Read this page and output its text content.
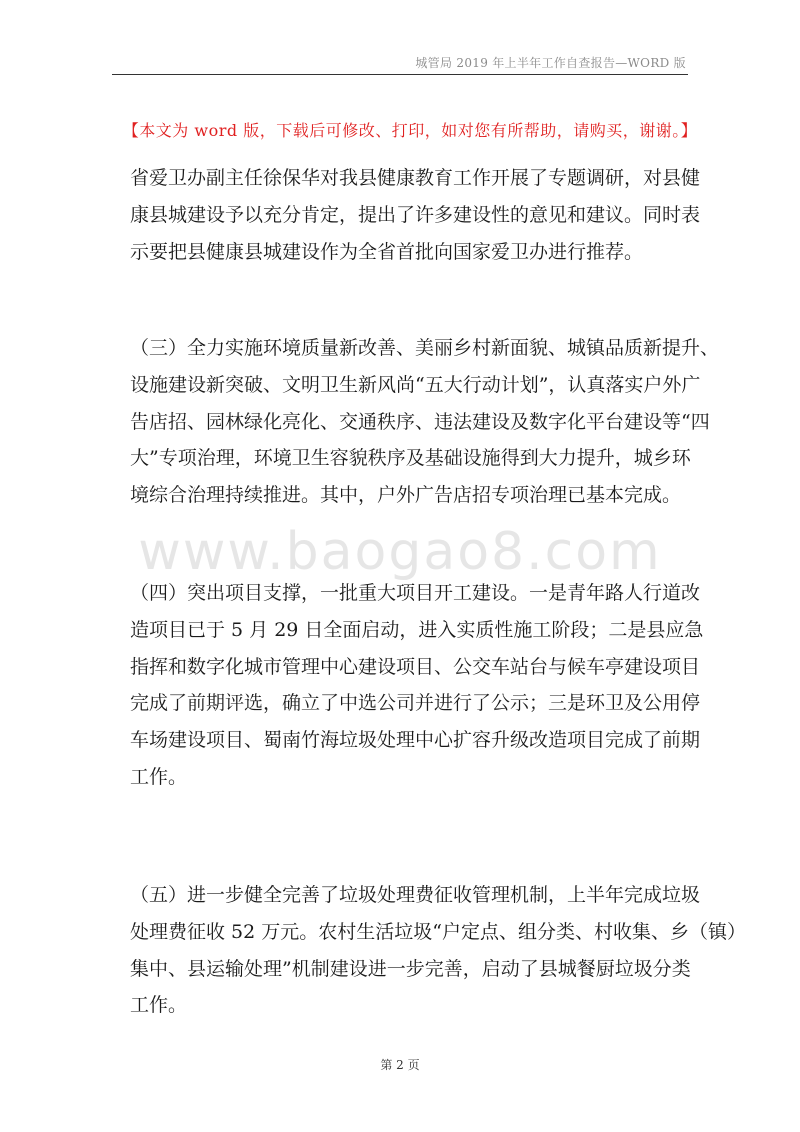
城管局 2019 年上半年工作自查报告—WORD 版
【本文为 word 版，下载后可修改、打印，如对您有所帮助，请购买，谢谢。】
www.baogao8.com
省爱卫办副主任徐保华对我县健康教育工作开展了专题调研，对县健
康县城建设予以充分肯定，提出了许多建设性的意见和建议。同时表
示要把县健康县城建设作为全省首批向国家爱卫办进行推荐。
（三）全力实施环境质量新改善、美丽乡村新面貌、城镇品质新提升、
设施建设新突破、文明卫生新风尚“五大行动计划”，认真落实户外广
告店招、园林绿化亮化、交通秩序、违法建设及数字化平台建设等“四
大”专项治理，环境卫生容貌秩序及基础设施得到大力提升，城乡环
境综合治理持续推进。其中，户外广告店招专项治理已基本完成。
（四）突出项目支撑，一批重大项目开工建设。一是青年路人行道改
造项目已于 5 月 29 日全面启动，进入实质性施工阶段；二是县应急
指挥和数字化城市管理中心建设项目、公交车站台与候车亭建设项目
完成了前期评选，确立了中选公司并进行了公示；三是环卫及公用停
车场建设项目、蜀南竹海垃圾处理中心扩容升级改造项目完成了前期
工作。
（五）进一步健全完善了垃圾处理费征收管理机制，上半年完成垃圾
处理费征收 52 万元。农村生活垃圾“户定点、组分类、村收集、乡（镇）
集中、县运输处理”机制建设进一步完善，启动了县城餐厨垃圾分类
工作。
第 2 页
